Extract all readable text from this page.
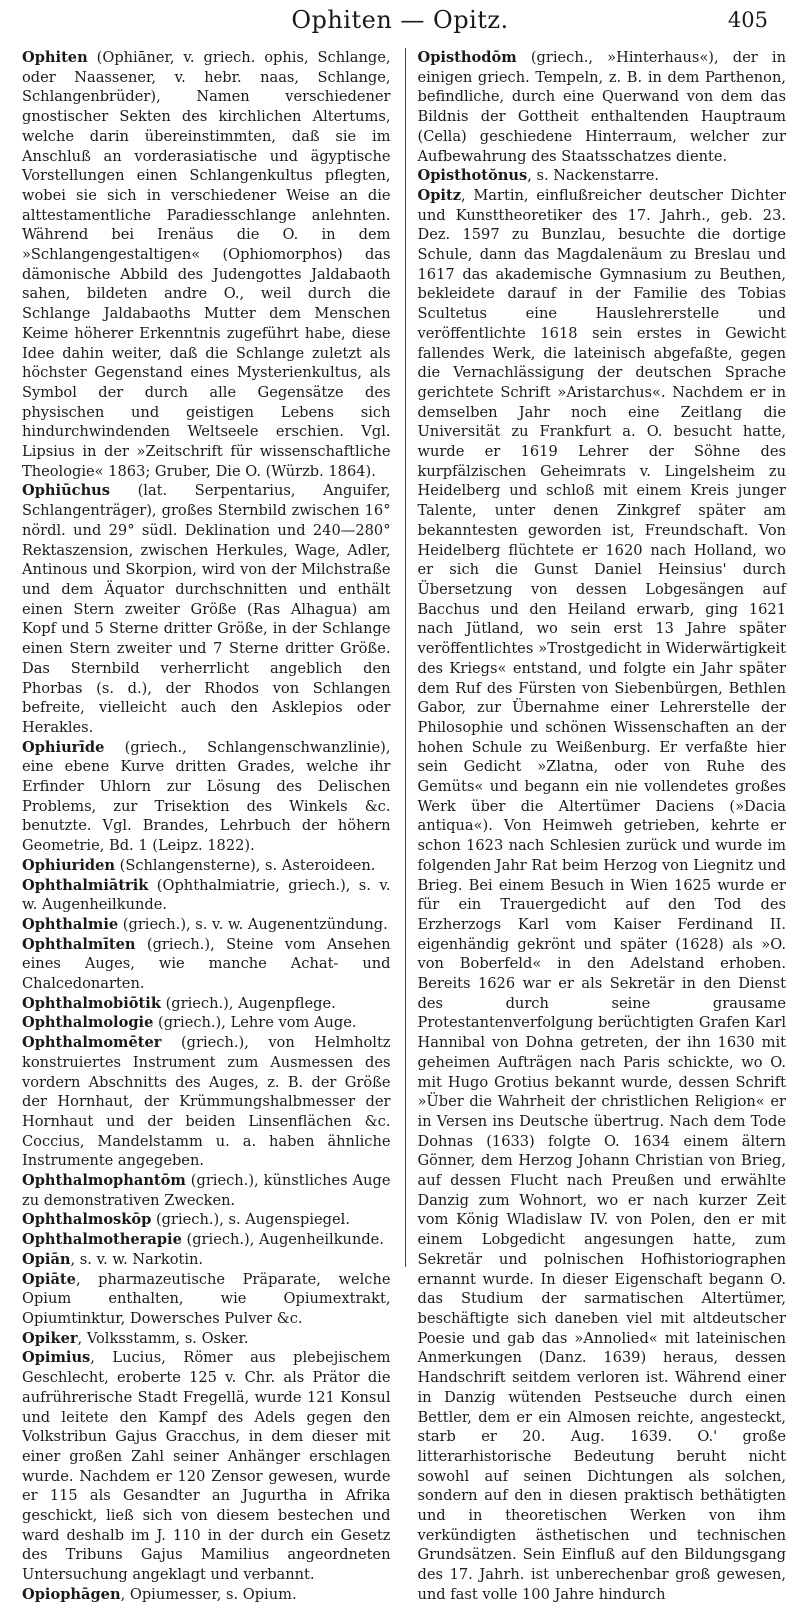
Ophiten — Opitz.	405

Ophiten (Ophiāner, v. griech. ophis, Schlange, oder Naassener, v. hebr. naas, Schlange, Schlangenbrüder), Namen verschiedener gnostischer Sekten des kirchlichen Altertums, welche darin übereinstimmten, daß sie im Anschluß an vorderasiatische und ägyptische Vorstellungen einen Schlangenkultus pflegten, wobei sie sich in verschiedener Weise an die alttestamentliche Paradiesschlange anlehnten. Während bei Irenäus die O. in dem »Schlangengestaltigen« (Ophiomorphos) das dämonische Abbild des Judengottes Jaldabaoth sahen, bildeten andre O., weil durch die Schlange Jaldabaoths Mutter dem Menschen Keime höherer Erkenntnis zugeführt habe, diese Idee dahin weiter, daß die Schlange zuletzt als höchster Gegenstand eines Mysterienkultus, als Symbol der durch alle Gegensätze des physischen und geistigen Lebens sich hindurchwindenden Weltseele erschien. Vgl. Lipsius in der »Zeitschrift für wissenschaftliche Theologie« 1863; Gruber, Die O. (Würzb. 1864).

Ophiūchus (lat. Serpentarius, Anguifer, Schlangenträger), großes Sternbild zwischen 16° nördl. und 29° südl. Deklination und 240—280° Rektaszension, zwischen Herkules, Wage, Adler, Antinous und Skorpion, wird von der Milchstraße und dem Äquator durchschnitten und enthält einen Stern zweiter Größe (Ras Alhagua) am Kopf und 5 Sterne dritter Größe, in der Schlange einen Stern zweiter und 7 Sterne dritter Größe. Das Sternbild verherrlicht angeblich den Phorbas (s. d.), der Rhodos von Schlangen befreite, vielleicht auch den Asklepios oder Herakles.

Ophiurīde (griech., Schlangenschwanzlinie), eine ebene Kurve dritten Grades, welche ihr Erfinder Uhlorn zur Lösung des Delischen Problems, zur Trisektion des Winkels &c. benutzte. Vgl. Brandes, Lehrbuch der höhern Geometrie, Bd. 1 (Leipz. 1822).

Ophiuriden (Schlangensterne), s. Asteroideen.

Ophthalmiātrik (Ophthalmiatrie, griech.), s. v. w. Augenheilkunde.

Ophthalmie (griech.), s. v. w. Augenentzündung.

Ophthalmīten (griech.), Steine vom Ansehen eines Auges, wie manche Achat- und Chalcedonarten.

Ophthalmobiōtik (griech.), Augenpflege.

Ophthalmologie (griech.), Lehre vom Auge.

Ophthalmomēter (griech.), von Helmholtz konstruiertes Instrument zum Ausmessen des vordern Abschnitts des Auges, z. B. der Größe der Hornhaut, der Krümmungshalbmesser der Hornhaut und der beiden Linsenflächen &c. Coccius, Mandelstamm u. a. haben ähnliche Instrumente angegeben.

Ophthalmophantōm (griech.), künstliches Auge zu demonstrativen Zwecken.

Ophthalmoskōp (griech.), s. Augenspiegel.

Ophthalmotherapie (griech.), Augenheilkunde.

Opiān, s. v. w. Narkotin.

Opiāte, pharmazeutische Präparate, welche Opium enthalten, wie Opiumextrakt, Opiumtinktur, Dowersches Pulver &c.

Opiker, Volksstamm, s. Osker.

Opimius, Lucius, Römer aus plebejischem Geschlecht, eroberte 125 v. Chr. als Prätor die aufrührerische Stadt Fregellä, wurde 121 Konsul und leitete den Kampf des Adels gegen den Volkstribun Gajus Gracchus, in dem dieser mit einer großen Zahl seiner Anhänger erschlagen wurde. Nachdem er 120 Zensor gewesen, wurde er 115 als Gesandter an Jugurtha in Afrika geschickt, ließ sich von diesem bestechen und ward deshalb im J. 110 in der durch ein Gesetz des Tribuns Gajus Mamilius angeordneten Untersuchung angeklagt und verbannt.

Opiophāgen, Opiumesser, s. Opium.

Opisthodōm (griech., »Hinterhaus«), der in einigen griech. Tempeln, z. B. in dem Parthenon, befindliche, durch eine Querwand von dem das Bildnis der Gottheit enthaltenden Hauptraum (Cella) geschiedene Hinterraum, welcher zur Aufbewahrung des Staatsschatzes diente.

Opisthotŏnus, s. Nackenstarre.

Opitz, Martin, einflußreicher deutscher Dichter und Kunsttheoretiker des 17. Jahrh., geb. 23. Dez. 1597 zu Bunzlau, besuchte die dortige Schule, dann das Magdalenäum zu Breslau und 1617 das akademische Gymnasium zu Beuthen, bekleidete darauf in der Familie des Tobias Scultetus eine Hauslehrerstelle und veröffentlichte 1618 sein erstes in Gewicht fallendes Werk, die lateinisch abgefaßte, gegen die Vernachlässigung der deutschen Sprache gerichtete Schrift »Aristarchus«. Nachdem er in demselben Jahr noch eine Zeitlang die Universität zu Frankfurt a. O. besucht hatte, wurde er 1619 Lehrer der Söhne des kurpfälzischen Geheimrats v. Lingelsheim zu Heidelberg und schloß mit einem Kreis junger Talente, unter denen Zinkgref später am bekanntesten geworden ist, Freundschaft. Von Heidelberg flüchtete er 1620 nach Holland, wo er sich die Gunst Daniel Heinsius' durch Übersetzung von dessen Lobgesängen auf Bacchus und den Heiland erwarb, ging 1621 nach Jütland, wo sein erst 13 Jahre später veröffentlichtes »Trostgedicht in Widerwärtigkeit des Kriegs« entstand, und folgte ein Jahr später dem Ruf des Fürsten von Siebenbürgen, Bethlen Gabor, zur Übernahme einer Lehrerstelle der Philosophie und schönen Wissenschaften an der hohen Schule zu Weißenburg. Er verfaßte hier sein Gedicht »Zlatna, oder von Ruhe des Gemüts« und begann ein nie vollendetes großes Werk über die Altertümer Daciens (»Dacia antiqua«). Von Heimweh getrieben, kehrte er schon 1623 nach Schlesien zurück und wurde im folgenden Jahr Rat beim Herzog von Liegnitz und Brieg. Bei einem Besuch in Wien 1625 wurde er für ein Trauergedicht auf den Tod des Erzherzogs Karl vom Kaiser Ferdinand II. eigenhändig gekrönt und später (1628) als »O. von Boberfeld« in den Adelstand erhoben. Bereits 1626 war er als Sekretär in den Dienst des durch seine grausame Protestantenverfolgung berüchtigten Grafen Karl Hannibal von Dohna getreten, der ihn 1630 mit geheimen Aufträgen nach Paris schickte, wo O. mit Hugo Grotius bekannt wurde, dessen Schrift »Über die Wahrheit der christlichen Religion« er in Versen ins Deutsche übertrug. Nach dem Tode Dohnas (1633) folgte O. 1634 einem ältern Gönner, dem Herzog Johann Christian von Brieg, auf dessen Flucht nach Preußen und erwählte Danzig zum Wohnort, wo er nach kurzer Zeit vom König Wladislaw IV. von Polen, den er mit einem Lobgedicht angesungen hatte, zum Sekretär und polnischen Hofhistoriographen ernannt wurde. In dieser Eigenschaft begann O. das Studium der sarmatischen Altertümer, beschäftigte sich daneben viel mit altdeutscher Poesie und gab das »Annolied« mit lateinischen Anmerkungen (Danz. 1639) heraus, dessen Handschrift seitdem verloren ist. Während einer in Danzig wütenden Pestseuche durch einen Bettler, dem er ein Almosen reichte, angesteckt, starb er 20. Aug. 1639. O.' große litterarhistorische Bedeutung beruht nicht sowohl auf seinen Dichtungen als solchen, sondern auf den in diesen praktisch bethätigten und in theoretischen Werken von ihm verkündigten ästhetischen und technischen Grundsätzen. Sein Einfluß auf den Bildungsgang des 17. Jahrh. ist unberechenbar groß gewesen, und fast volle 100 Jahre hindurch
